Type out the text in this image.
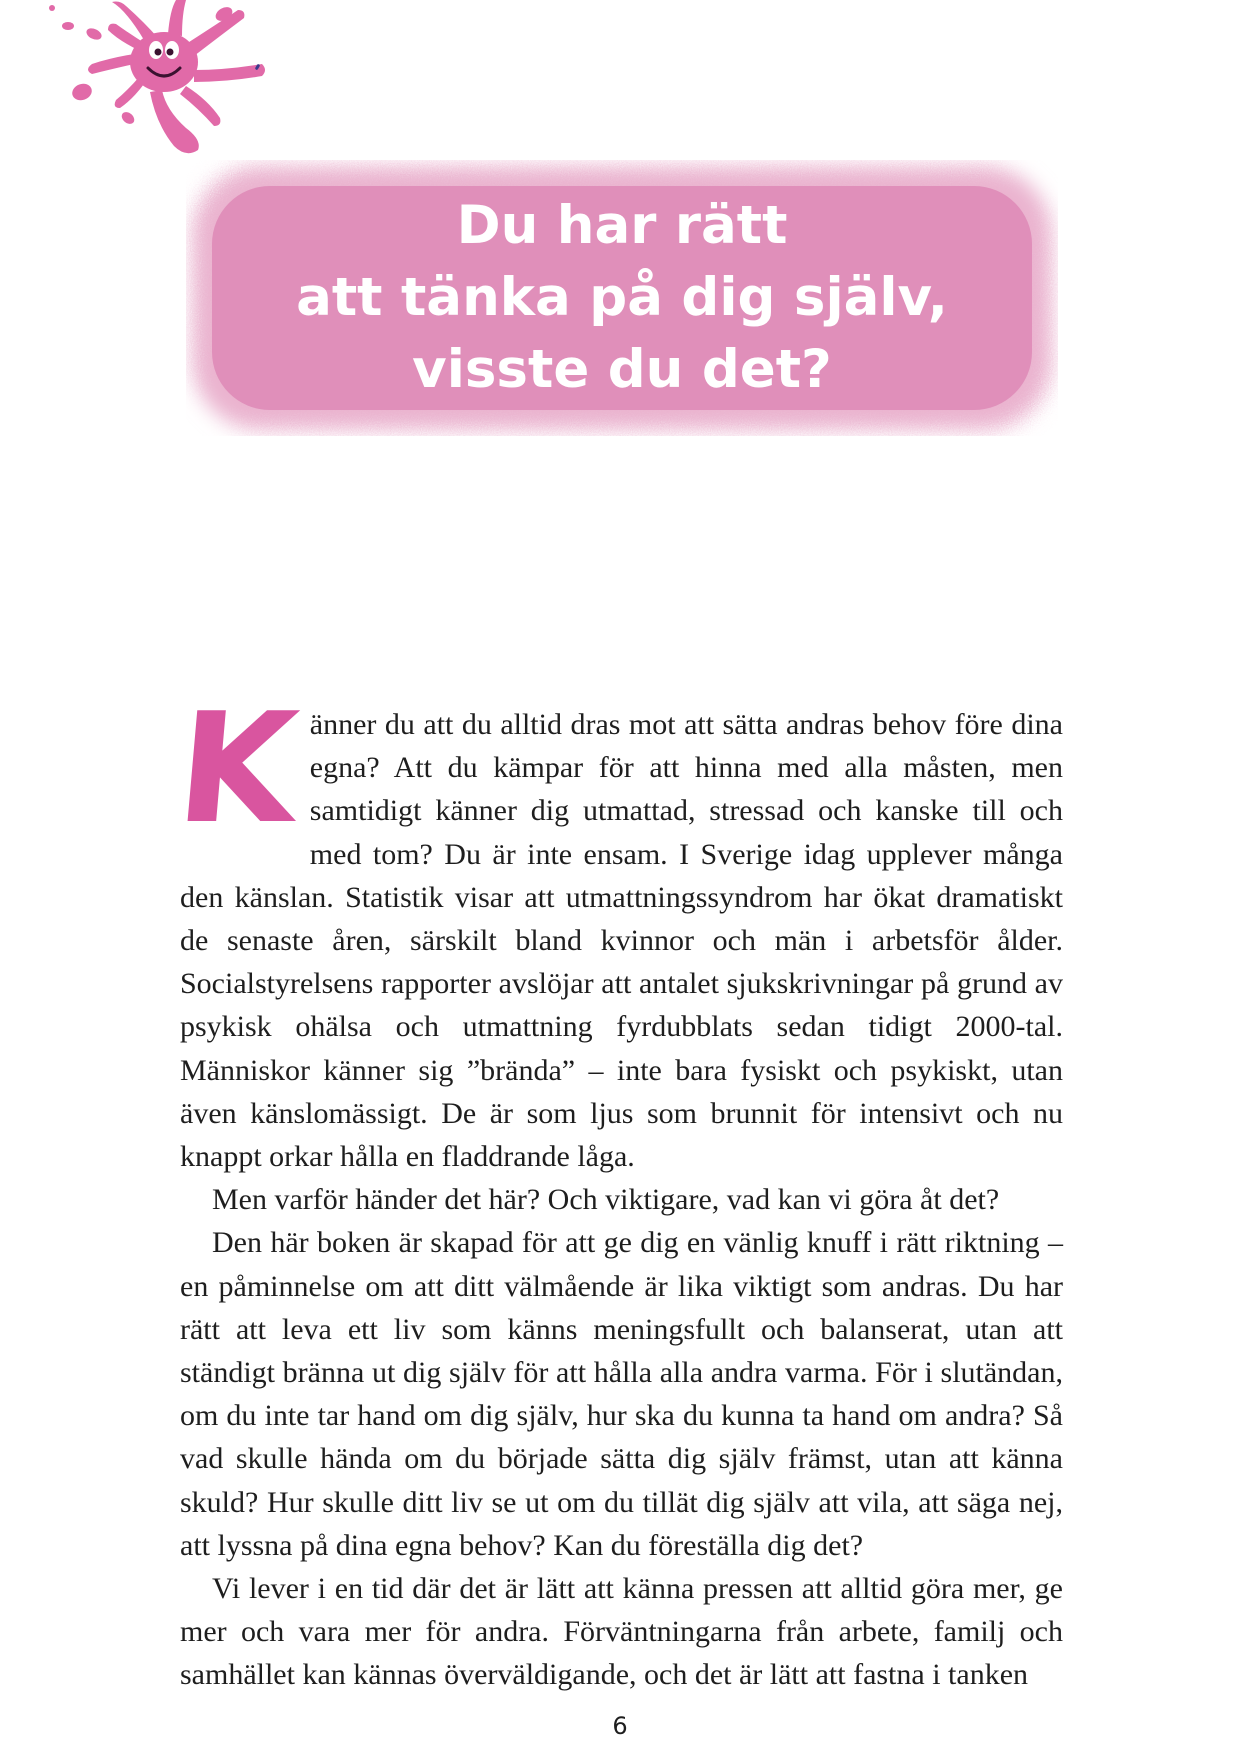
Du har rätt
att tänka på dig själv,
visste du det?

Känner du att du alltid dras mot att sätta andras behov före dina egna? Att du kämpar för att hinna med alla måsten, men samtidigt känner dig utmattad, stressad och kanske till och med tom? Du är inte ensam. I Sverige idag upplever många den känslan. Statistik visar att utmattningssyndrom har ökat dramatiskt de senaste åren, särskilt bland kvinnor och män i arbetsför ålder. Socialstyrelsens rapporter avslöjar att antalet sjukskrivningar på grund av psykisk ohälsa och utmattning fyrdubblats sedan tidigt 2000-tal. Människor känner sig ”brända” – inte bara fysiskt och psykiskt, utan även känslomässigt. De är som ljus som brunnit för intensivt och nu knappt orkar hålla en fladdrande låga.

Men varför händer det här? Och viktigare, vad kan vi göra åt det?

Den här boken är skapad för att ge dig en vänlig knuff i rätt riktning – en påminnelse om att ditt välmående är lika viktigt som andras. Du har rätt att leva ett liv som känns meningsfullt och balanserat, utan att ständigt bränna ut dig själv för att hålla alla andra varma. För i slutändan, om du inte tar hand om dig själv, hur ska du kunna ta hand om andra? Så vad skulle hända om du började sätta dig själv främst, utan att känna skuld? Hur skulle ditt liv se ut om du tillät dig själv att vila, att säga nej, att lyssna på dina egna behov? Kan du föreställa dig det?

Vi lever i en tid där det är lätt att känna pressen att alltid göra mer, ge mer och vara mer för andra. Förväntningarna från arbete, familj och samhället kan kännas överväldigande, och det är lätt att fastna i tanken

6
